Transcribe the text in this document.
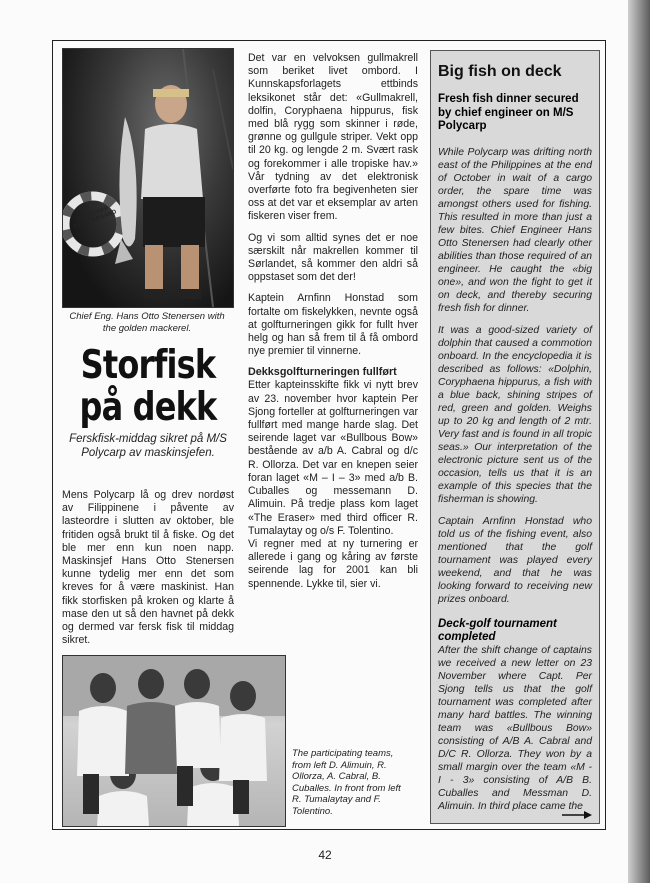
POLYCARP KRISTIANSAND
Chief Eng. Hans Otto Stenersen with the golden mackerel.
Storfisk
på dekk
Ferskfisk-middag sikret på M/S Polycarp av maskinsjefen.

Mens Polycarp lå og drev nordøst av Filippinene i påvente av lasteordre i slutten av oktober, ble fritiden også brukt til å fiske. Og det ble mer enn kun noen napp. Maskinsjef Hans Otto Stenersen kunne tydelig mer enn det som kreves for å være maskinist. Han fikk storfisken på kroken og klarte å mase den ut så den havnet på dekk og dermed var fersk fisk til middag sikret.

Det var en velvoksen gullmakrell som beriket livet ombord. I Kunnskapsforlagets ettbinds leksikonet står det: «Gullmakrell, dolfin, Coryphaena hippurus, fisk med blå rygg som skinner i røde, grønne og gullgule striper. Vekt opp til 20 kg. og lengde 2 m. Svært rask og forekommer i alle tropiske hav.» Vår tydning av det elektronisk overførte foto fra begivenheten sier oss at det var et eksemplar av arten fiskeren viser frem.

Og vi som alltid synes det er noe særskilt når makrellen kommer til Sørlandet, så kommer den aldri så oppstaset som det der!

Kaptein Arnfinn Honstad som fortalte om fiskelykken, nevnte også at golfturneringen gikk for fullt hver helg og han så frem til å få ombord nye premier til vinnerne.

Dekksgolfturneringen fullført

Etter kapteinsskifte fikk vi nytt brev av 23. november hvor kaptein Per Sjong forteller at golfturneringen var fullført med mange harde slag. Det seirende laget var «Bullbous Bow» bestående av a/b A. Cabral og d/c R. Ollorza. Det var en knepen seier foran laget «M – I – 3» med a/b B. Cuballes og messemann D. Alimuin. På tredje plass kom laget «The Eraser» med third officer R. Tumalaytay og o/s F. Tolentino.

Vi regner med at ny turnering er allerede i gang og kåring av første seirende lag for 2001 kan bli spennende. Lykke til, sier vi.

The participating teams, from left D. Alimuin, R. Ollorza, A. Cabral, B. Cuballes. In front from left R. Tumalaytay and F. Tolentino.
Big fish on deck
Fresh fish dinner secured by chief engineer on M/S Polycarp

While Polycarp was drifting north east of the Philippines at the end of October in wait of a cargo order, the spare time was amongst others used for fishing. This resulted in more than just a few bites. Chief Engineer Hans Otto Stenersen had clearly other abilities than those required of an engineer. He caught the «big one», and won the fight to get it on deck, and thereby securing fresh fish for dinner.

It was a good-sized variety of dolphin that caused a commotion onboard. In the encyclopedia it is described as follows: «Dolphin, Coryphaena hippurus, a fish with a blue back, shining stripes of red, green and golden. Weighs up to 20 kg and length of 2 mtr. Very fast and is found in all tropic seas.» Our interpretation of the electronic picture sent us of the occasion, tells us that it is an example of this species that the fisherman is showing.

Captain Arnfinn Honstad who told us of the fishing event, also mentioned that the golf tournament was played every weekend, and that he was looking forward to receiving new prizes onboard.

Deck-golf tournament completed

After the shift change of captains we received a new letter on 23 November where Capt. Per Sjong tells us that the golf tournament was completed after many hard battles. The winning team was «Bullbous Bow» consisting of A/B A. Cabral and D/C R. Ollorza. They won by a small margin over the team «M - I - 3» consisting of A/B B. Cuballes and Messman D. Alimuin. In third place came the

42
